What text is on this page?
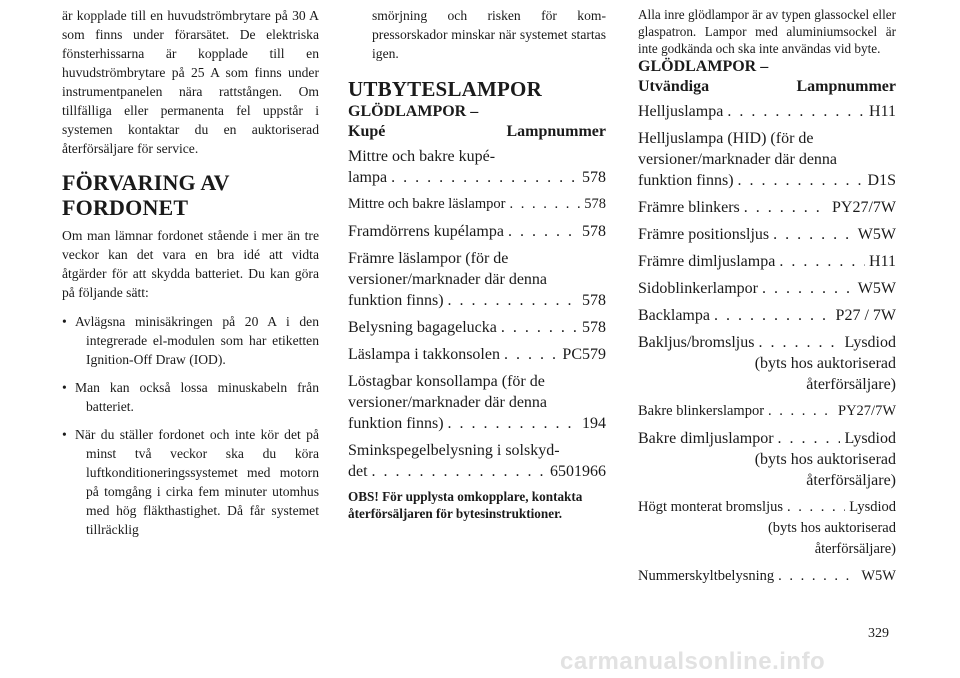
är kopplade till en huvudströmbrytare på 30 A som finns under förarsätet. De elektriska fönsterhissarna är kopplade till en huvudströmbrytare på 25 A som finns under instrumentpanelen nära rattstången. Om tillfälliga eller permanenta fel uppstår i systemen kontaktar du en auktoriserad återförsäljare för service.

FÖRVARING AV
FORDONET

Om man lämnar fordonet stående i mer än tre veckor kan det vara en bra idé att vidta åtgärder för att skydda batteriet. Du kan göra på följande sätt:

• Avlägsna minisäkringen på 20 A i den integrerade el-modulen som har etiketten Ignition-Off Draw (IOD).
• Man kan också lossa minuskabeln från batteriet.
• När du ställer fordonet och inte kör det på minst två veckor ska du köra luftkonditioneringssystemet med motorn på tomgång i cirka fem minuter utomhus med hög fläkthastighet. Då får systemet tillräcklig

smörjning och risken för kompressorskador minskar när systemet startas igen.

UTBYTESLAMPOR
GLÖDLAMPOR –
Kupé	Lampnummer
Mittre och bakre kupé-
lampa . . .	578
Mittre och bakre läslampor . . .	578
Framdörrens kupélampa . . .	578
Främre läslampor (för de versioner/marknader där denna
funktion finns) . . .	578
Belysning bagagelucka . . .	578
Läslampa i takkonsolen . . .	PC579
Löstagbar konsollampa (för de versioner/marknader där denna
funktion finns) . . .	194
Sminkspegelbelysning i solskyd-
det . . .	6501966

OBS! För upplysta omkopplare, kontakta återförsäljaren för bytesinstruktioner.

Alla inre glödlampor är av typen glassockel eller glaspatron. Lampor med aluminiumsockel är inte godkända och ska inte användas vid byte.

GLÖDLAMPOR –
Utvändiga	Lampnummer
Helljuslampa . . .	H11
Helljuslampa (HID) (för de versioner/marknader där denna
funktion finns) . . .	D1S
Främre blinkers . . .	PY27/7W
Främre positionsljus . . .	W5W
Främre dimljuslampa . . .	H11
Sidoblinkerlampor . . .	W5W
Backlampa . . .	P27 / 7W
Bakljus/bromsljus . . .	Lysdiod
(byts hos auktoriserad
återförsäljare)
Bakre blinkerslampor . . .	PY27/7W
Bakre dimljuslampor . . .	Lysdiod
(byts hos auktoriserad
återförsäljare)
Högt monterat bromsljus . . .	Lysdiod
(byts hos auktoriserad
återförsäljare)
Nummerskyltbelysning . . .	W5W
329
carmanualsonline.info
